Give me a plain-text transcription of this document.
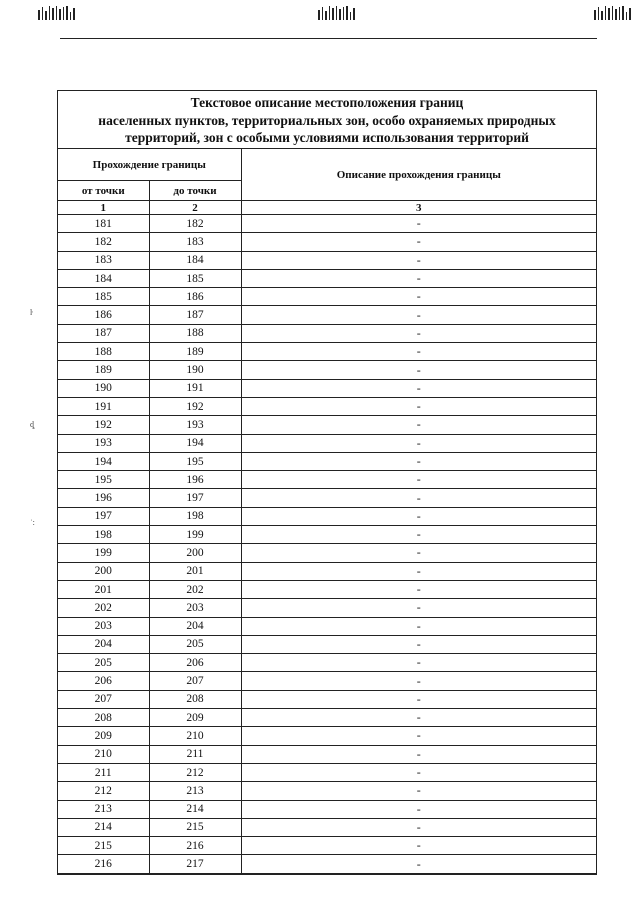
ŀ
ȡ
˙:
Текстовое описание местоположения границ
населенных пунктов, территориальных зон, особо охраняемых природных
территорий, зон с особыми условиями использования территорий
Прохождение границы		Описание прохождения границы
от точки	до точки	
1	2	3
181	182	-
182	183	-
183	184	-
184	185	-
185	186	-
186	187	-
187	188	-
188	189	-
189	190	-
190	191	-
191	192	-
192	193	-
193	194	-
194	195	-
195	196	-
196	197	-
197	198	-
198	199	-
199	200	-
200	201	-
201	202	-
202	203	-
203	204	-
204	205	-
205	206	-
206	207	-
207	208	-
208	209	-
209	210	-
210	211	-
211	212	-
212	213	-
213	214	-
214	215	-
215	216	-
216	217	-
